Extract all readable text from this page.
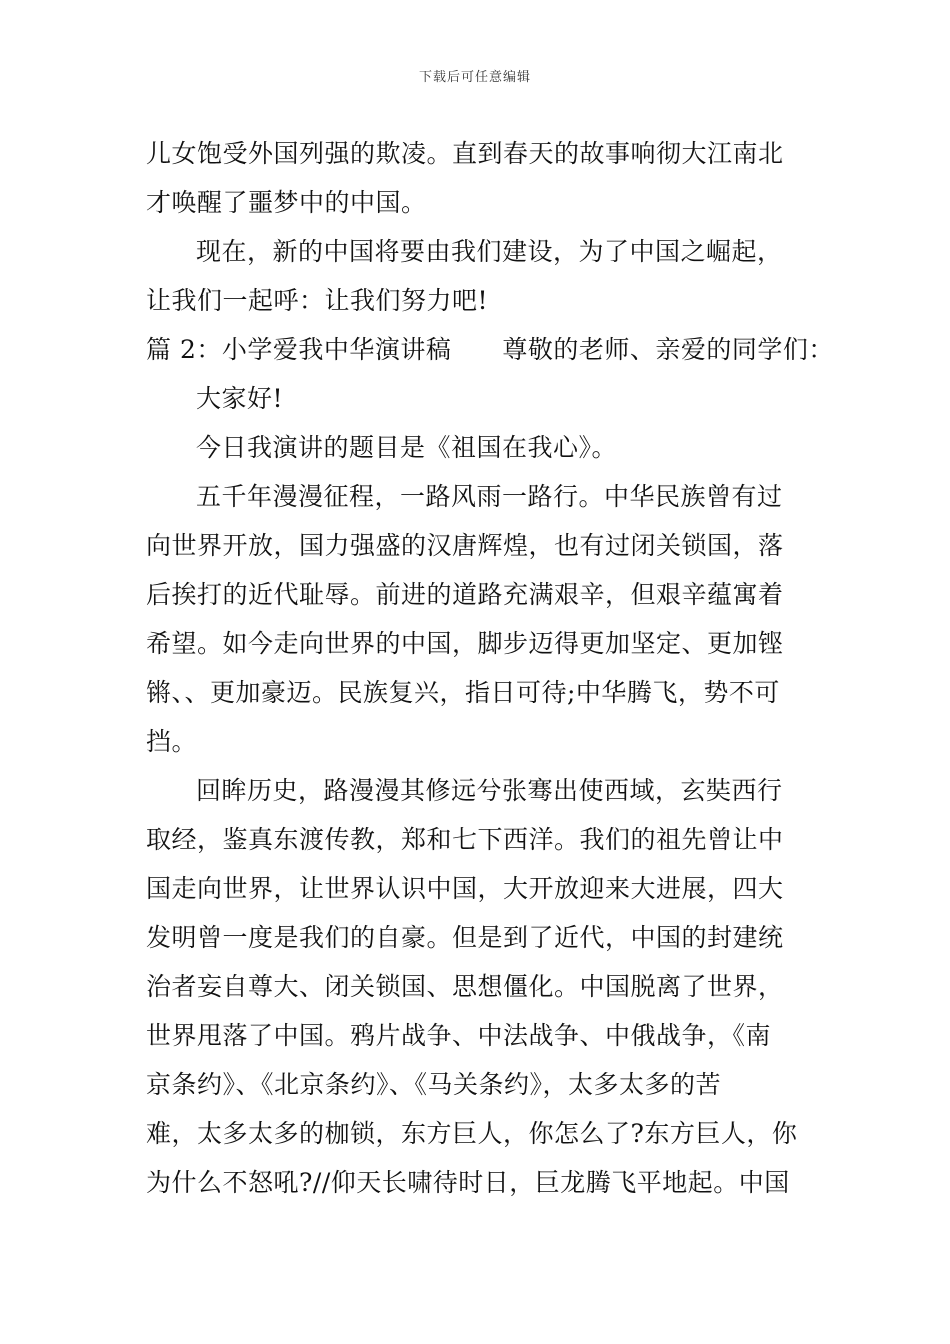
下载后可任意编辑
儿女饱受外国列强的欺凌。直到春天的故事响彻大江南北
才唤醒了噩梦中的中国。
现在，新的中国将要由我们建设，为了中国之崛起，
让我们一起呼：让我们努力吧!
篇 2：小学爱我中华演讲稿　　尊敬的老师、亲爱的同学们：
大家好!
今日我演讲的题目是《祖国在我心》。
五千年漫漫征程，一路风雨一路行。中华民族曾有过
向世界开放，国力强盛的汉唐辉煌，也有过闭关锁国，落
后挨打的近代耻辱。前进的道路充满艰辛，但艰辛蕴寓着
希望。如今走向世界的中国，脚步迈得更加坚定、更加铿
锵、、更加豪迈。民族复兴，指日可待;中华腾飞，势不可
挡。
回眸历史，路漫漫其修远兮张骞出使西域，玄奘西行
取经，鉴真东渡传教，郑和七下西洋。我们的祖先曾让中
国走向世界，让世界认识中国，大开放迎来大进展，四大
发明曾一度是我们的自豪。但是到了近代，中国的封建统
治者妄自尊大、闭关锁国、思想僵化。中国脱离了世界，
世界甩落了中国。鸦片战争、中法战争、中俄战争，《南
京条约》、《北京条约》、《马关条约》，太多太多的苦
难，太多太多的枷锁，东方巨人，你怎么了?东方巨人，你
为什么不怒吼?//仰天长啸待时日，巨龙腾飞平地起。中国
